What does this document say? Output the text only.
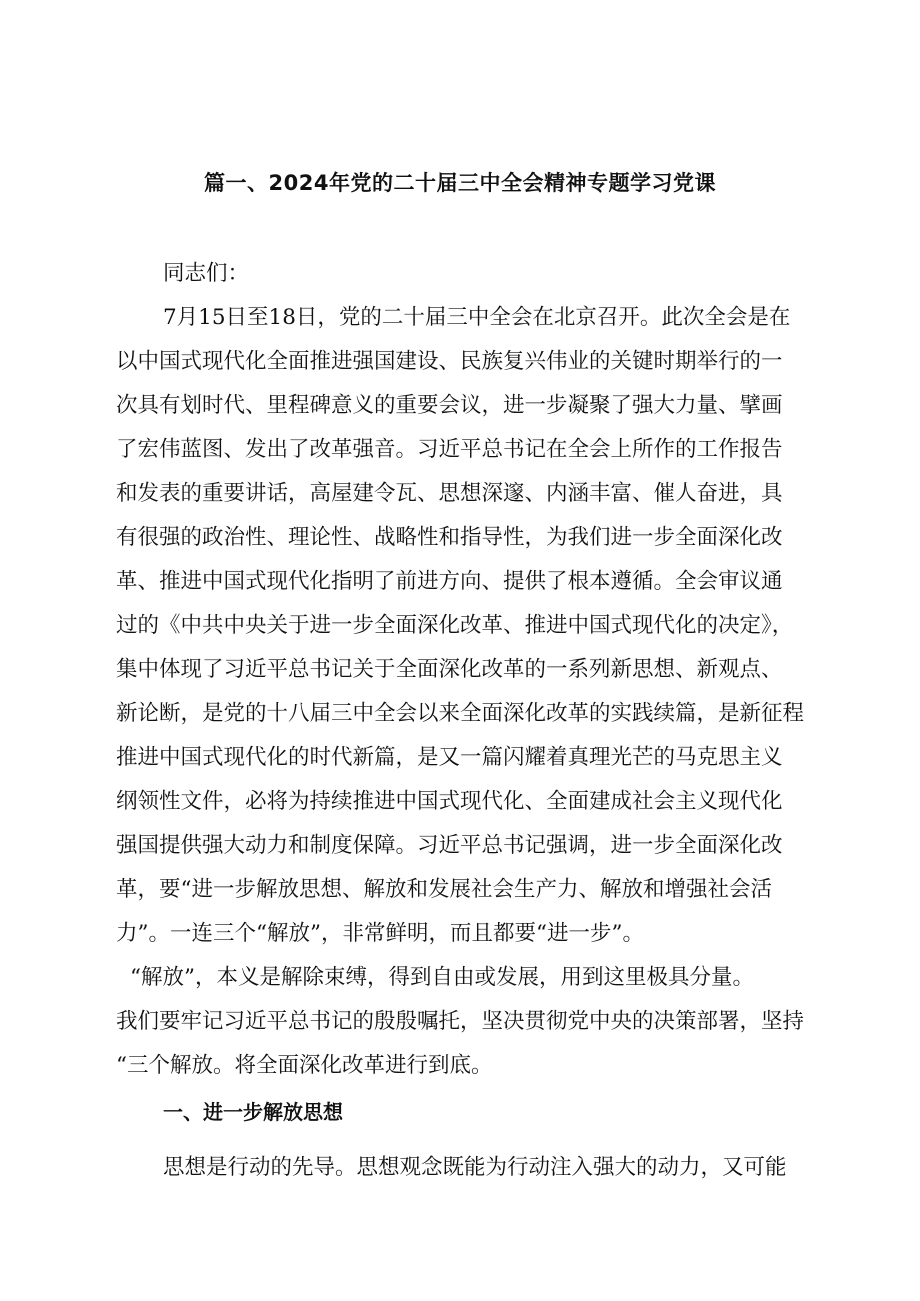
篇一、2024年党的二十届三中全会精神专题学习党课
同志们：
7月15日至18日，党的二十届三中全会在北京召开。此次全会是在
以中国式现代化全面推进强国建设、民族复兴伟业的关键时期举行的一
次具有划时代、里程碑意义的重要会议，进一步凝聚了强大力量、擘画
了宏伟蓝图、发出了改革强音。习近平总书记在全会上所作的工作报告
和发表的重要讲话，高屋建令瓦、思想深邃、内涵丰富、催人奋进，具
有很强的政治性、理论性、战略性和指导性，为我们进一步全面深化改
革、推进中国式现代化指明了前进方向、提供了根本遵循。全会审议通
过的《中共中央关于进一步全面深化改革、推进中国式现代化的决定》，
集中体现了习近平总书记关于全面深化改革的一系列新思想、新观点、
新论断，是党的十八届三中全会以来全面深化改革的实践续篇，是新征程
推进中国式现代化的时代新篇，是又一篇闪耀着真理光芒的马克思主义
纲领性文件，必将为持续推进中国式现代化、全面建成社会主义现代化
强国提供强大动力和制度保障。习近平总书记强调，进一步全面深化改
革，要“进一步解放思想、解放和发展社会生产力、解放和增强社会活
力”。一连三个“解放”，非常鲜明，而且都要“进一步”。
“解放”，本义是解除束缚，得到自由或发展，用到这里极具分量。
我们要牢记习近平总书记的殷殷嘱托，坚决贯彻党中央的决策部署，坚持
“三个解放。将全面深化改革进行到底。
一、进一步解放思想
思想是行动的先导。思想观念既能为行动注入强大的动力，又可能
